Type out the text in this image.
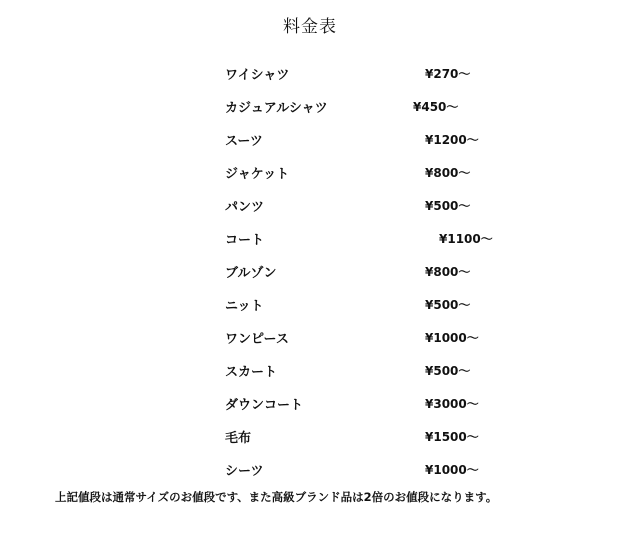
料金表
ワイシャツ	¥270～
カジュアルシャツ	¥450～
スーツ	¥1200～
ジャケット	¥800～
パンツ	¥500～
コート	¥1100～
ブルゾン	¥800～
ニット	¥500～
ワンピース	¥1000～
スカート	¥500～
ダウンコート	¥3000～
毛布	¥1500～
シーツ	¥1000～
上記値段は通常サイズのお値段です、また高級ブランド品は2倍のお値段になります。
